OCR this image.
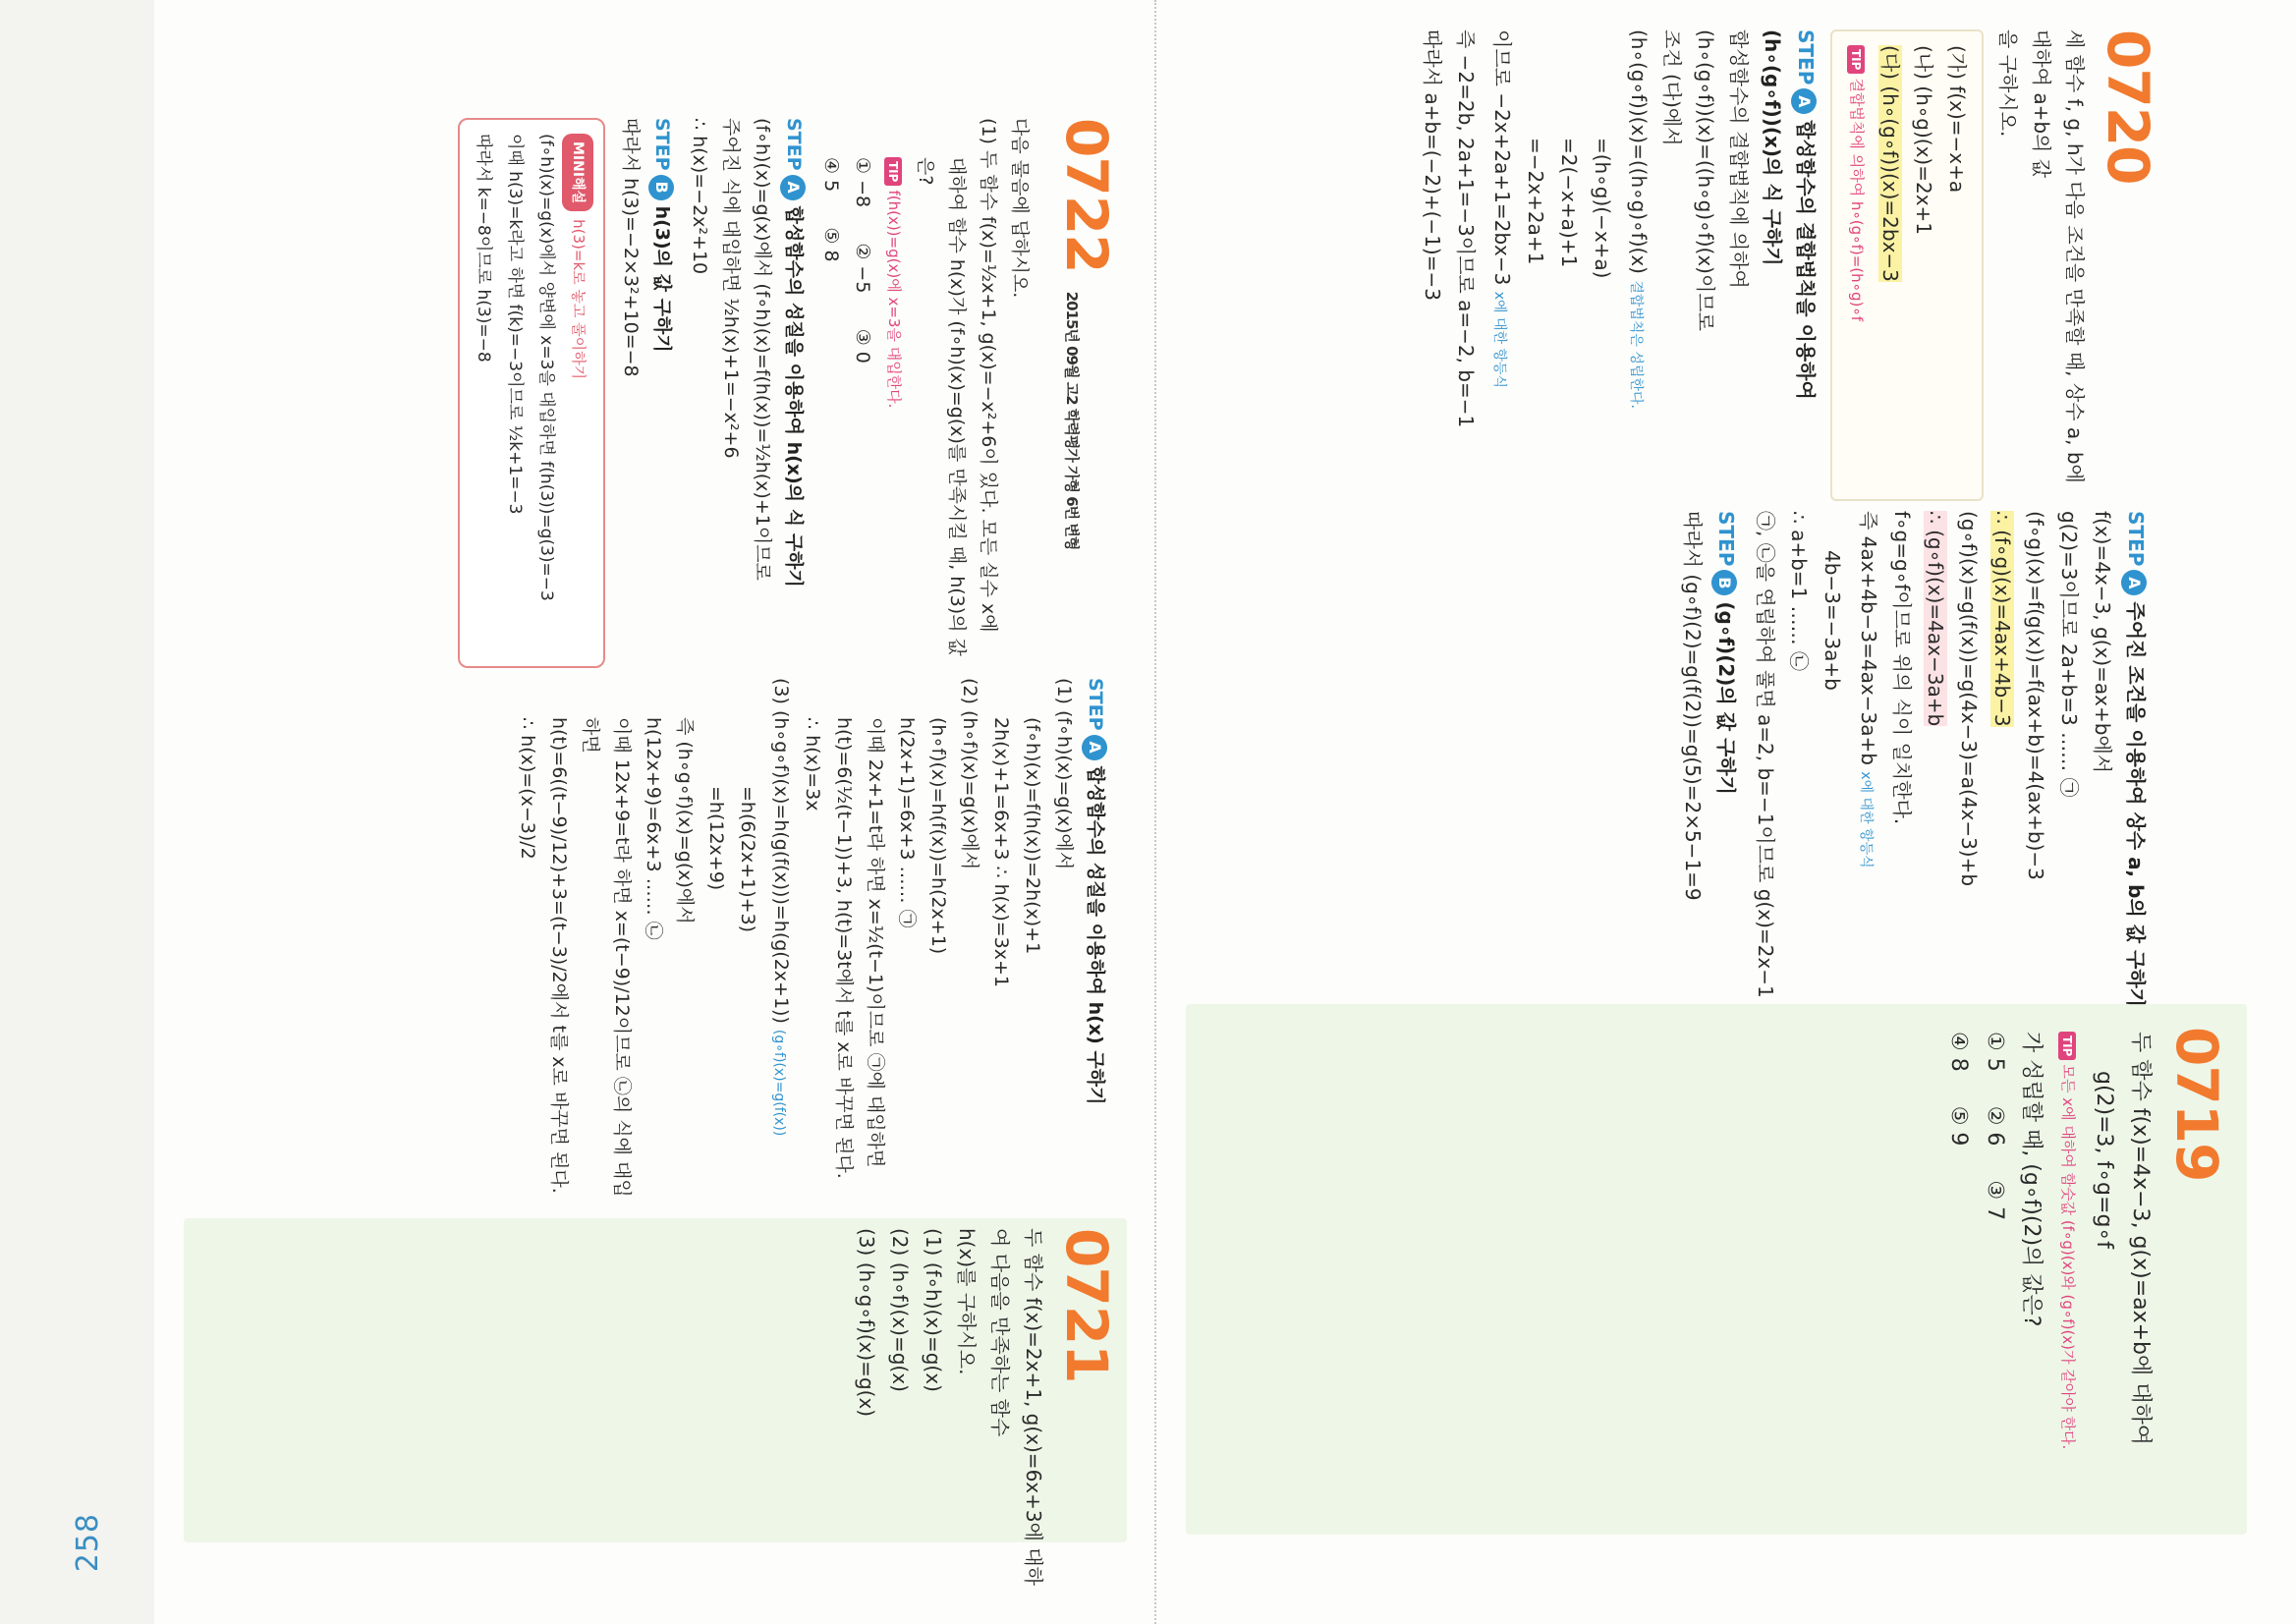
258

0719

두 함수 f(x)=4x−3, g(x)=ax+b에 대하여

g(2)=3, f∘g=g∘f

TIP모든 x에 대하여 함숫값 (f∘g)(x)와 (g∘f)(x)가 같아야 한다.

가 성립할 때, (g∘f)(2)의 값은?

① 5     ② 6     ③ 7

④ 8     ⑤ 9

STEPA주어진 조건을 이용하여 상수 a, b의 값 구하기

f(x)=4x−3, g(x)=ax+b에서

g(2)=3이므로 2a+b=3 …… ㉠

(f∘g)(x)=f(g(x))=f(ax+b)=4(ax+b)−3

∴ (f∘g)(x)=4ax+4b−3

(g∘f)(x)=g(f(x))=g(4x−3)=a(4x−3)+b

∴ (g∘f)(x)=4ax−3a+b

f∘g=g∘f이므로 위의 식이 일치한다.

즉 4ax+4b−3=4ax−3a+b x에 대한 항등식

4b−3=−3a+b

∴ a+b=1 …… ㉡

㉠, ㉡을 연립하여 풀면 a=2, b=−1이므로 g(x)=2x−1

STEPB(g∘f)(2)의 값 구하기

따라서 (g∘f)(2)=g(f(2))=g(5)=2×5−1=9

0720

세 함수 f, g, h가 다음 조건을 만족할 때, 상수 a, b에 대하여 a+b의 값

을 구하시오.

(가) f(x)=−x+a

(나) (h∘g)(x)=2x+1

(다) (h∘(g∘f))(x)=2bx−3

TIP결합법칙에 의하여 h∘(g∘f)=(h∘g)∘f

STEPA합성함수의 결합법칙을 이용하여 (h∘(g∘f))(x)의 식 구하기

합성함수의 결합법칙에 의하여

(h∘(g∘f))(x)=((h∘g)∘f)(x)이므로

조건 (다)에서

(h∘(g∘f))(x)=((h∘g)∘f)(x) 결합법칙은 성립한다.

=(h∘g)(−x+a)

=2(−x+a)+1

=−2x+2a+1

이므로 −2x+2a+1=2bx−3 x에 대한 항등식

즉 −2=2b, 2a+1=−3이므로 a=−2, b=−1

따라서 a+b=(−2)+(−1)=−3

0721

두 함수 f(x)=2x+1, g(x)=6x+3에 대하여 다음을 만족하는 함수

h(x)를 구하시오.

(1) (f∘h)(x)=g(x)

(2) (h∘f)(x)=g(x)

(3) (h∘g∘f)(x)=g(x)

STEPA합성함수의 성질을 이용하여 h(x) 구하기

(1) (f∘h)(x)=g(x)에서

(f∘h)(x)=f(h(x))=2h(x)+1

2h(x)+1=6x+3 ∴ h(x)=3x+1

(2) (h∘f)(x)=g(x)에서

(h∘f)(x)=h(f(x))=h(2x+1)

h(2x+1)=6x+3 …… ㉠

이때 2x+1=t라 하면 x=½(t−1)이므로 ㉠에 대입하면

h(t)=6(½(t−1))+3, h(t)=3t에서 t를 x로 바꾸면 된다.

∴ h(x)=3x

(3) (h∘g∘f)(x)=h(g(f(x)))=h(g(2x+1)) (g∘f)(x)=g(f(x))

=h(6(2x+1)+3)

=h(12x+9)

즉 (h∘g∘f)(x)=g(x)에서

h(12x+9)=6x+3 …… ㉡

이때 12x+9=t라 하면 x=(t−9)/12이므로 ㉡의 식에 대입하면

h(t)=6((t−9)/12)+3=(t−3)/2에서 t를 x로 바꾸면 된다.

∴ h(x)=(x−3)/2

0722 2015년 09월 고2 학력평가 가형 6번 변형

다음 물음에 답하시오.

(1) 두 함수 f(x)=½x+1, g(x)=−x²+6이 있다. 모든 실수 x에

대하여 함수 h(x)가 (f∘h)(x)=g(x)를 만족시킬 때, h(3)의 값은?

TIPf(h(x))=g(x)에 x=3을 대입한다.

① −8      ② −5      ③ 0

④ 5      ⑤ 8

STEPA합성함수의 성질을 이용하여 h(x)의 식 구하기

(f∘h)(x)=g(x)에서 (f∘h)(x)=f(h(x))=½h(x)+1이므로

주어진 식에 대입하면 ½h(x)+1=−x²+6

∴ h(x)=−2x²+10

STEPBh(3)의 값 구하기

따라서 h(3)=−2×3²+10=−8

MINI해설h(3)=k로 놓고 풀이하기

(f∘h)(x)=g(x)에서 양변에 x=3을 대입하면 f(h(3))=g(3)=−3

이때 h(3)=k라고 하면 f(k)=−3이므로 ½k+1=−3

따라서 k=−8이므로 h(3)=−8
